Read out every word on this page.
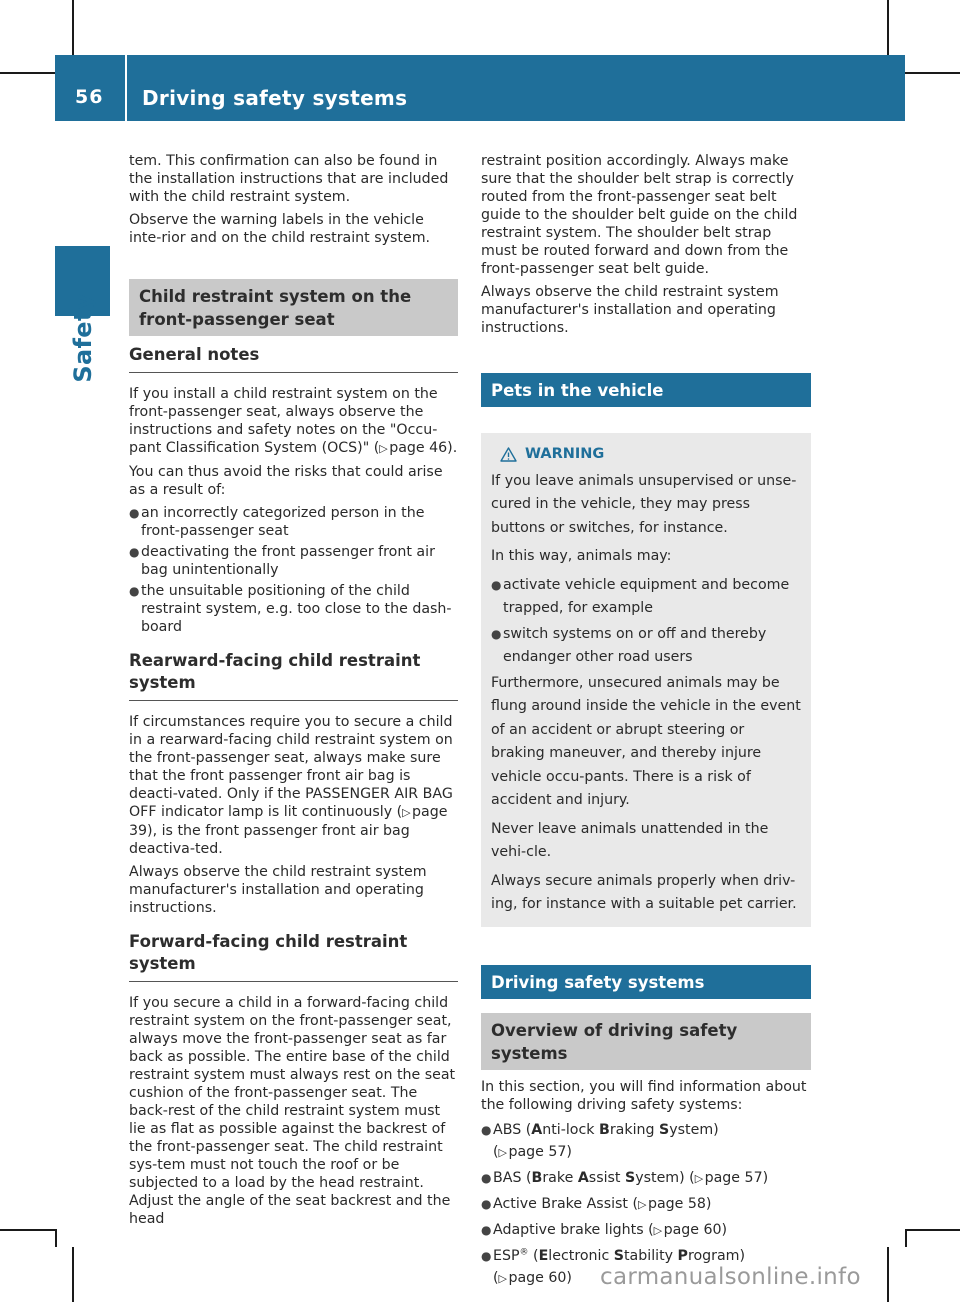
56 Driving safety systems
Safety

tem. This confirmation can also be found in the installation instructions that are included with the child restraint system.

Observe the warning labels in the vehicle inte-rior and on the child restraint system.

Child restraint system on the front-passenger seat
General notes

If you install a child restraint system on the front-passenger seat, always observe the instructions and safety notes on the "Occu-pant Classification System (OCS)" (▷ page 46).

You can thus avoid the risks that could arise as a result of:

● an incorrectly categorized person in the front-passenger seat
● deactivating the front passenger front air bag unintentionally
● the unsuitable positioning of the child restraint system, e.g. too close to the dash-board
Rearward-facing child restraint system

If circumstances require you to secure a child in a rearward-facing child restraint system on the front-passenger seat, always make sure that the front passenger front air bag is deacti-vated. Only if the PASSENGER AIR BAG OFF indicator lamp is lit continuously (▷ page 39), is the front passenger front air bag deactiva-ted.

Always observe the child restraint system manufacturer's installation and operating instructions.

Forward-facing child restraint system

If you secure a child in a forward-facing child restraint system on the front-passenger seat, always move the front-passenger seat as far back as possible. The entire base of the child restraint system must always rest on the seat cushion of the front-passenger seat. The back-rest of the child restraint system must lie as flat as possible against the backrest of the front-passenger seat. The child restraint sys-tem must not touch the roof or be subjected to a load by the head restraint. Adjust the angle of the seat backrest and the head

restraint position accordingly. Always make sure that the shoulder belt strap is correctly routed from the front-passenger seat belt guide to the shoulder belt guide on the child restraint system. The shoulder belt strap must be routed forward and down from the front-passenger seat belt guide.

Always observe the child restraint system manufacturer's installation and operating instructions.

Pets in the vehicle
WARNING

If you leave animals unsupervised or unse-cured in the vehicle, they may press buttons or switches, for instance.

In this way, animals may:

● activate vehicle equipment and become trapped, for example
● switch systems on or off and thereby endanger other road users

Furthermore, unsecured animals may be flung around inside the vehicle in the event of an accident or abrupt steering or braking maneuver, and thereby injure vehicle occu-pants. There is a risk of accident and injury.

Never leave animals unattended in the vehi-cle.

Always secure animals properly when driv-ing, for instance with a suitable pet carrier.

Driving safety systems
Overview of driving safety systems

In this section, you will find information about the following driving safety systems:

● ABS (Anti-lock Braking System)
(▷ page 57)
● BAS (Brake Assist System) (▷ page 57)
● Active Brake Assist (▷ page 58)
● Adaptive brake lights (▷ page 60)
● ESP® (Electronic Stability Program)
(▷ page 60)	carmanualsonline.info
